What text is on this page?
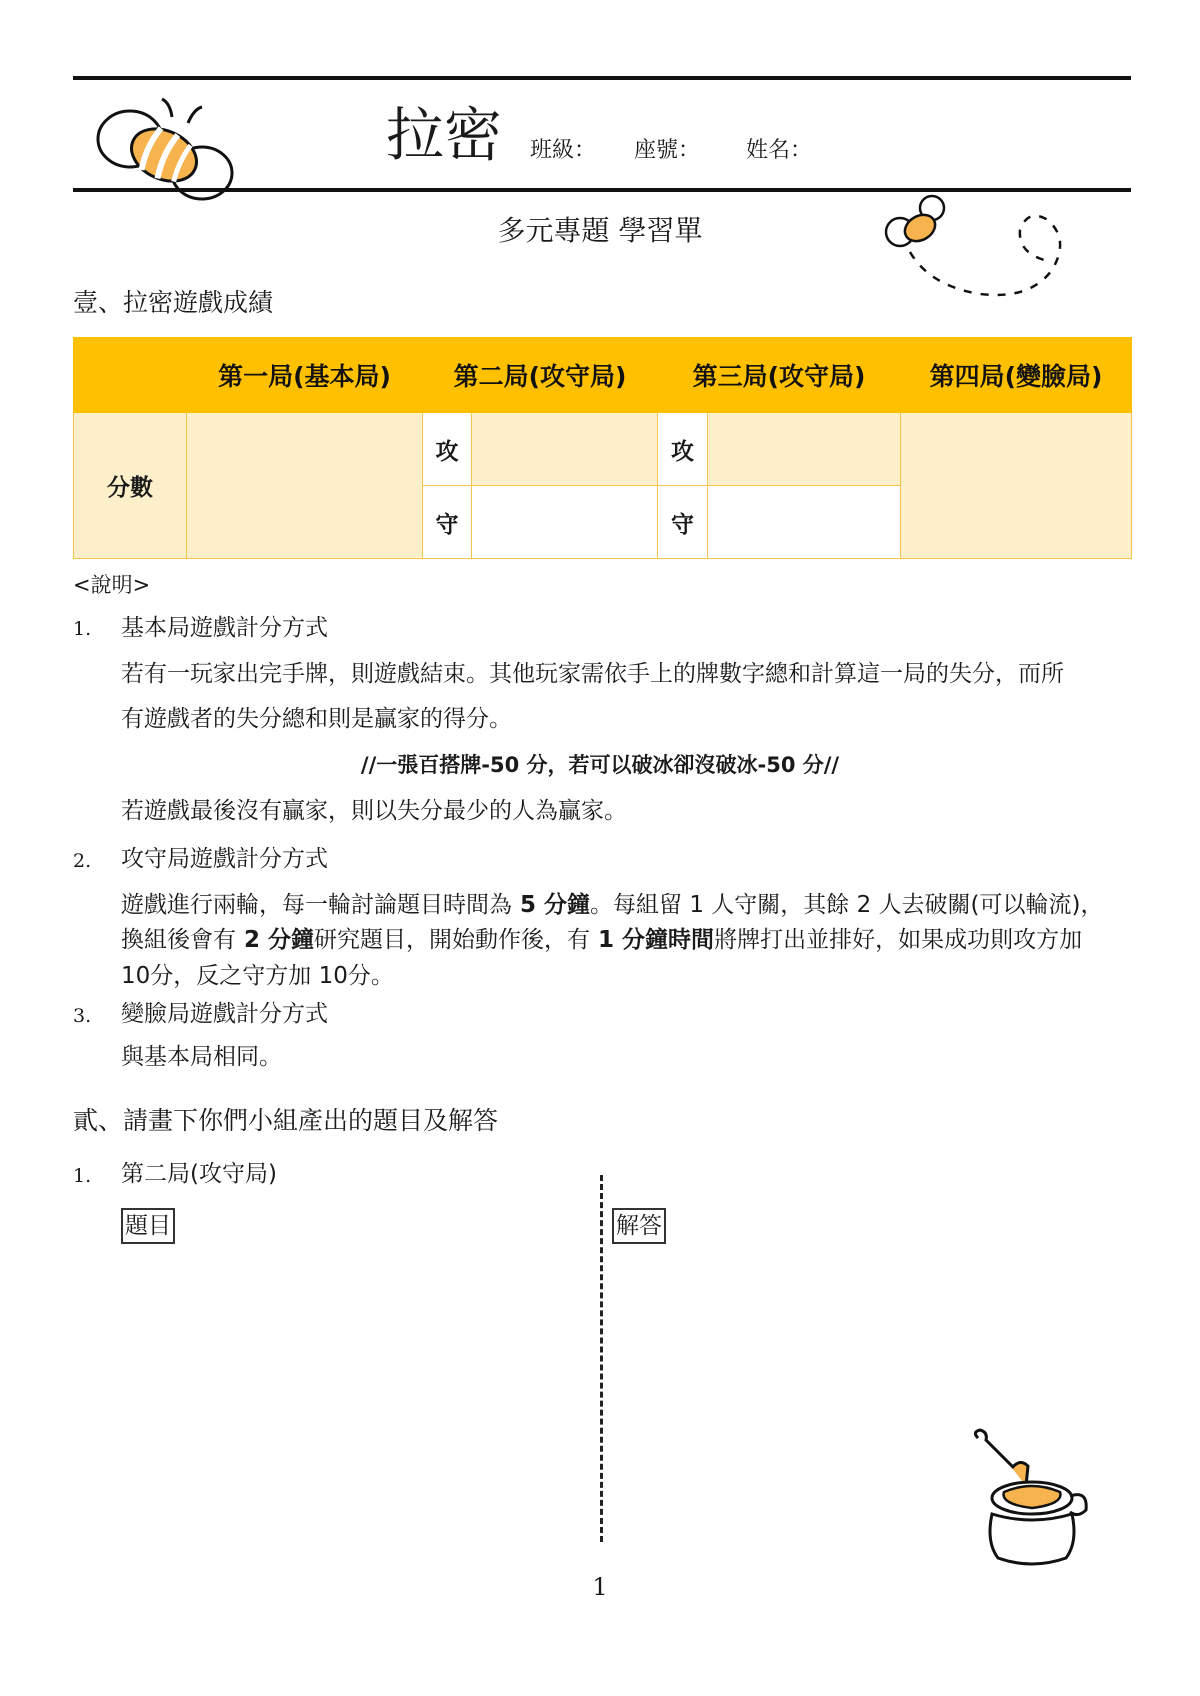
拉密 班級： 座號： 姓名：
多元專題 學習單
壹、拉密遊戲成績
	第一局(基本局)	第二局(攻守局)		第三局(攻守局)		第四局(變臉局)
分數		攻		攻		
		守		守		
<說明>
1. 基本局遊戲計分方式
若有一玩家出完手牌，則遊戲結束。其他玩家需依手上的牌數字總和計算這一局的失分，而所
有遊戲者的失分總和則是贏家的得分。
//一張百搭牌-50 分，若可以破冰卻沒破冰-50 分//
若遊戲最後沒有贏家，則以失分最少的人為贏家。
2. 攻守局遊戲計分方式
遊戲進行兩輪，每一輪討論題目時間為 5 分鐘。每組留 1 人守關，其餘 2 人去破關(可以輪流)，
換組後會有 2 分鐘研究題目，開始動作後，有 1 分鐘時間將牌打出並排好，如果成功則攻方加
10分，反之守方加 10分。
3. 變臉局遊戲計分方式
與基本局相同。
貳、請畫下你們小組產出的題目及解答
1. 第二局(攻守局)
題目	解答
1
